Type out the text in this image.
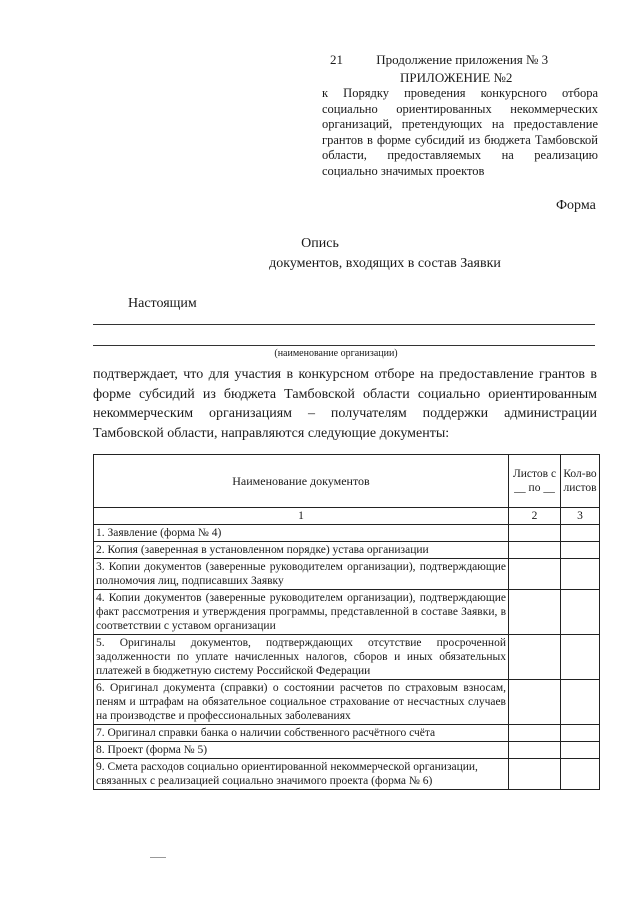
21	Продолжение приложения № 3
ПРИЛОЖЕНИЕ №2
к Порядку проведения конкурсного отбора социально ориентированных некоммерческих организаций, претендующих на предоставление грантов в форме субсидий из бюджета Тамбовской области, предоставляемых на реализацию социально значимых проектов
Форма
Опись
документов, входящих в состав Заявки
Настоящим
(наименование организации)
подтверждает, что для участия в конкурсном отборе на предоставление грантов в форме субсидий из бюджета Тамбовской области социально ориентированным некоммерческим организациям – получателям поддержки администрации Тамбовской области, направляются следующие документы:
Наименование документов	Листов с __ по __	Кол-во листов
1	2	3
1. Заявление (форма № 4)		
2. Копия (заверенная в установленном порядке) устава организации		
3. Копии документов (заверенные руководителем организации), подтверждающие полномочия лиц, подписавших Заявку		
4. Копии документов (заверенные руководителем организации), подтверждающие факт рассмотрения и утверждения программы, представленной в составе Заявки, в соответствии с уставом организации		
5. Оригиналы документов, подтверждающих отсутствие просроченной задолженности по уплате начисленных налогов, сборов и иных обязательных платежей в бюджетную систему Российской Федерации		
6. Оригинал документа (справки) о состоянии расчетов по страховым взносам, пеням и штрафам на обязательное социальное страхование от несчастных случаев на производстве и профессиональных заболеваниях		
7. Оригинал справки банка о наличии собственного расчётного счёта		
8. Проект (форма № 5)		
9. Смета расходов социально ориентированной некоммерческой организации, связанных с реализацией социально значимого проекта (форма № 6)		
